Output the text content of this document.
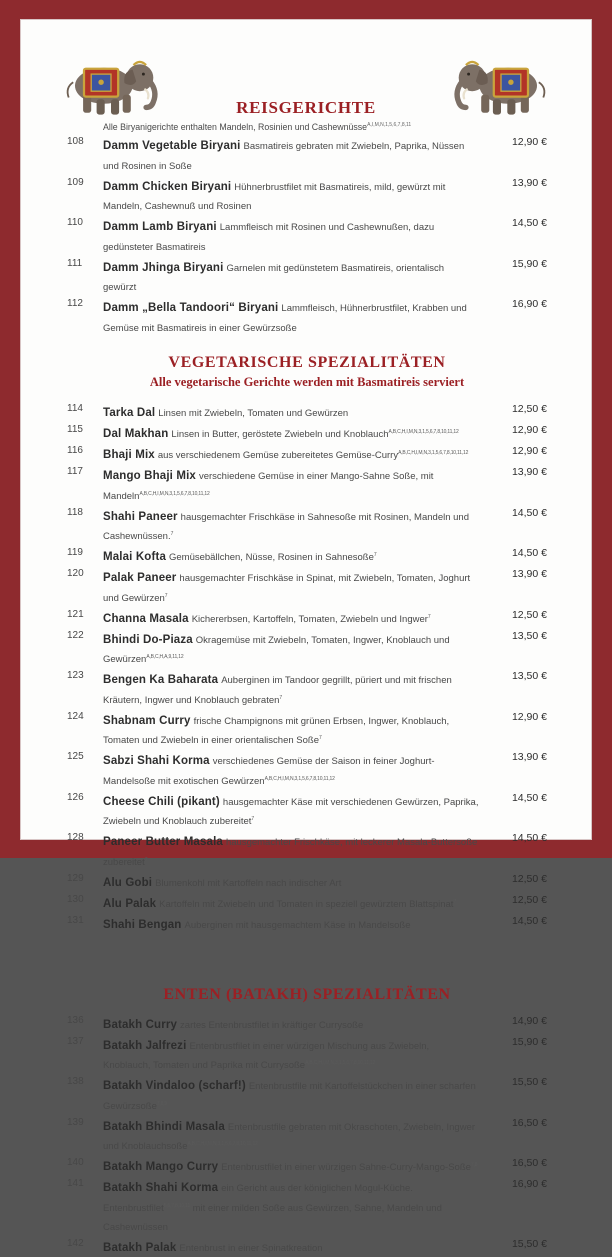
REISGERICHTE

Alle Biryanigerichte enthalten Mandeln, Rosinien und Cashewnüsse$^{A,I,M,N,1,5,6,7,8,11}$

108	Damm Vegetable Biryani Basmatireis gebraten mit Zwiebeln, Paprika, Nüssen und Rosinen in Soße
12,90 €
109	Damm Chicken Biryani Hühnerbrustfilet mit Basmatireis, mild, gewürzt mit Mandeln, Cashewnuß und Rosinen
13,90 €
110	Damm Lamb Biryani Lammfleisch mit Rosinen und Cashewnußen, dazu gedünsteter Basmatireis
14,50 €
111	Damm Jhinga Biryani Garnelen mit gedünstetem Basmatireis, orientalisch gewürzt
15,90 €
112	Damm „Bella Tandoori“ Biryani Lammfleisch, Hühnerbrustfilet, Krabben und Gemüse mit Basmatireis in einer Gewürzsoße
16,90 €
VEGETARISCHE SPEZIALITÄTEN

Alle vegetarische Gerichte werden mit Basmatireis serviert

114	Tarka Dal Linsen mit Zwiebeln, Tomaten und Gewürzen	12,50 €
115	Dal Makhan Linsen in Butter, geröstete Zwiebeln und Knoblauch$^{A,B,C,H,I,M,N,3,1,5,6,7,8,10,11,12}$	12,90 €
116	Bhaji Mix aus verschiedenem Gemüse zubereitetes Gemüse-Curry$^{A,B,C,H,I,M,N,3,1,5,6,7,8,10,11,12}$	12,90 €
117	Mango Bhaji Mix verschiedene Gemüse in einer Mango-Sahne Soße, mit Mandeln$^{A,B,C,H,I,M,N,3,1,5,6,7,8,10,11,12}$
13,90 €
118	Shahi Paneer hausgemachter Frischkäse in Sahnesoße mit Rosinen, Mandeln und Cashewnüssen.$^7$
14,50 €
119	Malai Kofta Gemüsebällchen, Nüsse, Rosinen in Sahnesoße$^7$	14,50 €
120	Palak Paneer hausgemachter Frischkäse in Spinat, mit Zwiebeln, Tomaten, Joghurt und Gewürzen$^7$
13,90 €
121	Channa Masala Kichererbsen, Kartoffeln, Tomaten, Zwiebeln und Ingwer$^7$	12,50 €
122	Bhindi Do-Piaza Okragemüse mit Zwiebeln, Tomaten, Ingwer, Knoblauch und Gewürzen$^{A,B,C,H,A,9,11,12}$
13,50 €
123	Bengen Ka Baharata Auberginen im Tandoor gegrillt, püriert und mit frischen Kräutern, Ingwer und Knoblauch gebraten$^7$
13,50 €
124	Shabnam Curry frische Champignons mit grünen Erbsen, Ingwer, Knoblauch, Tomaten und Zwiebeln in einer orientalischen Soße$^7$
12,90 €
125	Sabzi Shahi Korma verschiedenes Gemüse der Saison in feiner Joghurt-Mandelsoße mit exotischen Gewürzen$^{A,B,C,H,I,M,N,3,1,5,6,7,8,10,11,12}$
13,90 €
126	Cheese Chili (pikant) hausgemachter Käse mit verschiedenen Gewürzen, Paprika, Zwiebeln und Knoblauch zubereitet$^7$
14,50 €
128	Paneer Butter Masala hausgemachter Frischkäse, mit leckerer Masala-Buttersoße zubereitet$^7$
14,50 €
129	Alu Gobi Blumenkohl mit Kartoffeln nach indischer Art	12,50 €
130	Alu Palak Kartoffeln mit Zwiebeln und Tomaten in speziell gewürztem Blattspinat$^7$	12,50 €
131	Shahi Bengan Auberginen mit hausgemachtem Käse in Mandelsoße	14,50 €
ENTEN (BATAKH) SPEZIALITÄTEN
136	Batakh Curry zartes Entenbrustfilet in kräftiger Currysoße	14,90 €
137	Batakh Jalfrezi Entenbrustfilet in einer würzigen Mischung aus Zwiebeln, Knoblauch, Tomaten und Paprika mit Currysoße$^{A,B,C,H,I,M,N,3,1,5,6,7,8,10,11,12}$
15,90 €
138	Batakh Vindaloo (scharf!) Entenbrustfile mit Kartoffelstückchen in einer scharfen Gewürzsoße$^{7,8,9}$
15,50 €
139	Batakh Bhindi Masala Entenbrustfile gebraten mit Okraschoten, Zwiebeln, Ingwer und Knoblauchsoße$^{A,B,C,H,I,M,N,3,1,5,6,7,8,10,11,12}$
16,50 €
140	Batakh Mango Curry Entenbrustfilet in einer würzigen Sahne-Curry-Mango-Soße$^{7,8}$	16,50 €
141	Batakh Shahi Korma ein Gericht aus der königlichen Mogul-Küche. Entenbrustfilet$^{5,6,7,8,10,11}$ mit einer milden Soße aus Gewürzen, Sahne, Mandeln und Cashewnüssen
16,90 €
142	Batakh Palak Entenbrust in einer Spinatkreation	15,50 €
